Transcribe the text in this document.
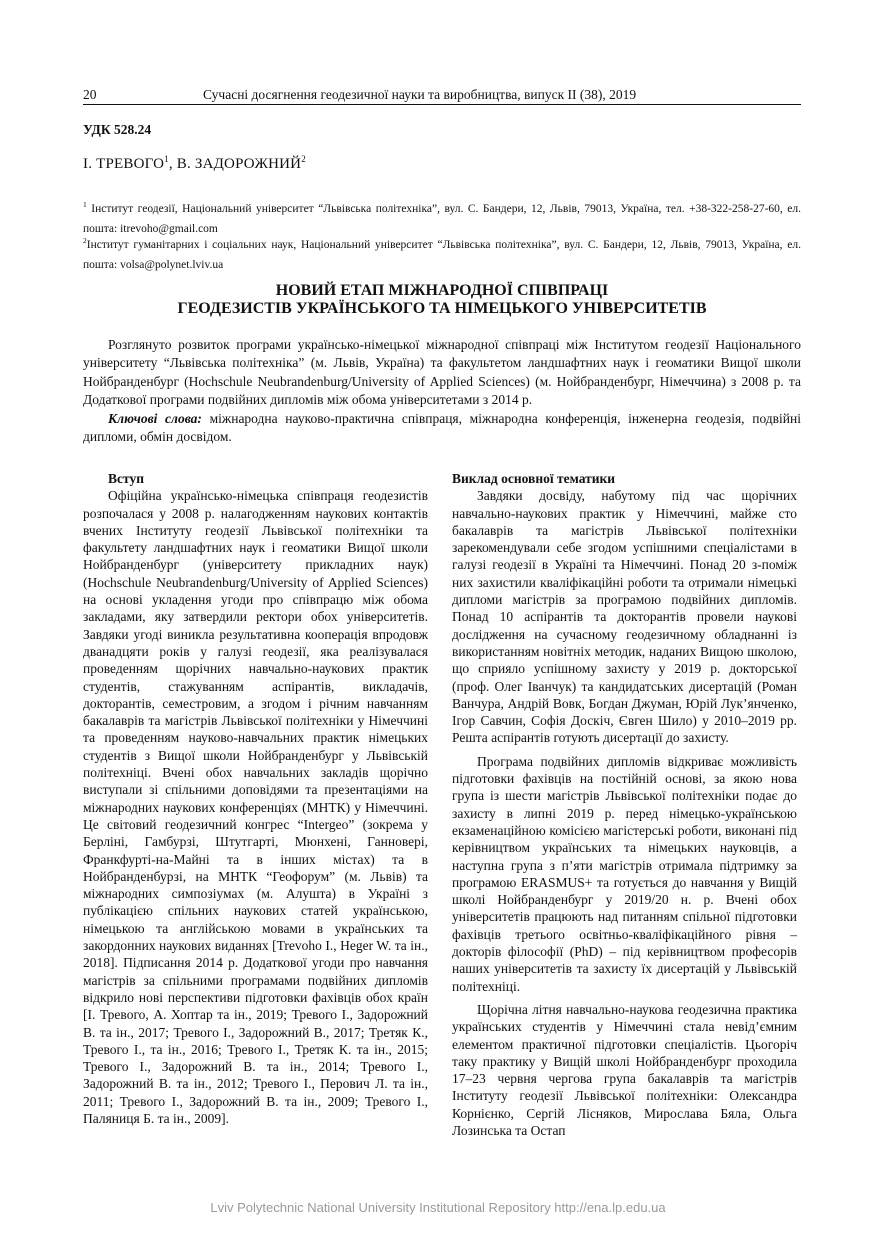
20	Сучасні досягнення геодезичної науки та виробництва, випуск ІІ (38), 2019
УДК 528.24
І. ТРЕВОГО$^1$, В. ЗАДОРОЖНИЙ$^2$
$^1$ Інститут геодезії, Національний університет “Львівська політехніка”, вул. С. Бандери, 12, Львів, 79013, Україна, тел. +38-322-258-27-60, ел. пошта: itrevoho@gmail.com
$^2$Інститут гуманітарних і соціальних наук, Національний університет “Львівська політехніка”, вул. С. Бандери, 12, Львів, 79013, Україна, ел. пошта: volsa@polynet.lviv.ua
НОВИЙ ЕТАП МІЖНАРОДНОЇ СПІВПРАЦІ
ГЕОДЕЗИСТІВ УКРАЇНСЬКОГО ТА НІМЕЦЬКОГО УНІВЕРСИТЕТІВ

Розглянуто розвиток програми українсько-німецької міжнародної співпраці між Інститутом геодезії Національного університету “Львівська політехніка” (м. Львів, Україна) та факультетом ландшафтних наук і геоматики Вищої школи Нойбранденбург (Hochschule Neubrandenburg/University of Applied Sciences) (м. Нойбранденбург, Німеччина) з 2008 р. та Додаткової програми подвійних дипломів між обома університетами з 2014 р.

Ключові слова: міжнародна науково-практична співпраця, міжнародна конференція, інженерна геодезія, подвійні дипломи, обмін досвідом.

Вступ

Офіційна українсько-німецька співпраця геодезистів розпочалася у 2008 р. налагодженням наукових контактів вчених Інституту геодезії Львівської політехніки та факультету ландшафтних наук і геоматики Вищої школи Нойбранденбург (університету прикладних наук) (Hochschule Neubrandenburg/University of Applied Sciences) на основі укладення угоди про співпрацю між обома закладами, яку затвердили ректори обох університетів. Завдяки угоді виникла результативна кооперація впродовж дванадцяти років у галузі геодезії, яка реалізувалася проведенням щорічних навчально-наукових практик студентів, стажуванням аспірантів, викладачів, докторантів, семестровим, а згодом і річним навчанням бакалаврів та магістрів Львівської політехніки у Німеччині та проведенням науково-навчальних практик німецьких студентів з Вищої школи Нойбранденбург у Львівській політехніці. Вчені обох навчальних закладів щорічно виступали зі спільними доповідями та презентаціями на міжнародних наукових конференціях (МНТК) у Німеччині. Це світовий геодезичний конгрес “Intergeo” (зокрема у Берліні, Гамбурзі, Штутгарті, Мюнхені, Ганновері, Франкфурті-на-Майні та в інших містах) та в Нойбранденбурзі, на МНТК “Геофорум” (м. Львів) та міжнародних симпозіумах (м. Алушта) в Україні з публікацією спільних наукових статей українською, німецькою та англійською мовами в українських та закордонних наукових виданнях [Trevoho I., Heger W. та ін., 2018]. Підписання 2014 р. Додаткової угоди про навчання магістрів за спільними програмами подвійних дипломів відкрило нові перспективи підготовки фахівців обох країн [І. Тревого, А. Хоптар та ін., 2019; Тревого І., Задорожний В. та ін., 2017; Тревого І., Задорожний В., 2017; Третяк К., Тревого І., та ін., 2016; Тревого І., Третяк К. та ін., 2015; Тревого І., Задорожний В. та ін., 2014; Тревого І., Задорожний В. та ін., 2012; Тревого І., Перович Л. та ін., 2011; Тревого І., Задорожний В. та ін., 2009; Тревого І., Паляниця Б. та ін., 2009].

Виклад основної тематики

Завдяки досвіду, набутому під час щорічних навчально-наукових практик у Німеччині, майже сто бакалаврів та магістрів Львівської політехніки зарекомендували себе згодом успішними спеціалістами в галузі геодезії в Україні та Німеччині. Понад 20 з-поміж них захистили кваліфікаційні роботи та отримали німецькі дипломи магістрів за програмою подвійних дипломів. Понад 10 аспірантів та докторантів провели наукові дослідження на сучасному геодезичному обладнанні із використанням новітніх методик, наданих Вищою школою, що сприяло успішному захисту у 2019 р. докторської (проф. Олег Іванчук) та кандидатських дисертацій (Роман Ванчура, Андрій Вовк, Богдан Джуман, Юрій Лук’янченко, Ігор Савчин, Софія Доскіч, Євген Шило) у 2010–2019 рр. Решта аспірантів готують дисертації до захисту.

Програма подвійних дипломів відкриває можливість підготовки фахівців на постійній основі, за якою нова група із шести магістрів Львівської політехніки подає до захисту в липні 2019 р. перед німецько-українською екзаменаційною комісією магістерські роботи, виконані під керівництвом українських та німецьких науковців, а наступна група з п’яти магістрів отримала підтримку за програмою ERASMUS+ та готується до навчання у Вищій школі Нойбранденбург у 2019/20 н. р. Вчені обох університетів працюють над питанням спільної підготовки фахівців третього освітньо-кваліфікаційного рівня – докторів філософії (PhD) – під керівництвом професорів наших університетів та захисту їх дисертацій у Львівській політехніці.

Щорічна літня навчально-наукова геодезична практика українських студентів у Німеччині стала невід’ємним елементом практичної підготовки спеціалістів. Цьогоріч таку практику у Вищій школі Нойбранденбург проходила 17–23 червня чергова група бакалаврів та магістрів Інституту геодезії Львівської політехніки: Олександра Корнієнко, Сергій Лісняков, Мирослава Бяла, Ольга Лозинська та Остап

Lviv Polytechnic National University Institutional Repository http://ena.lp.edu.ua
